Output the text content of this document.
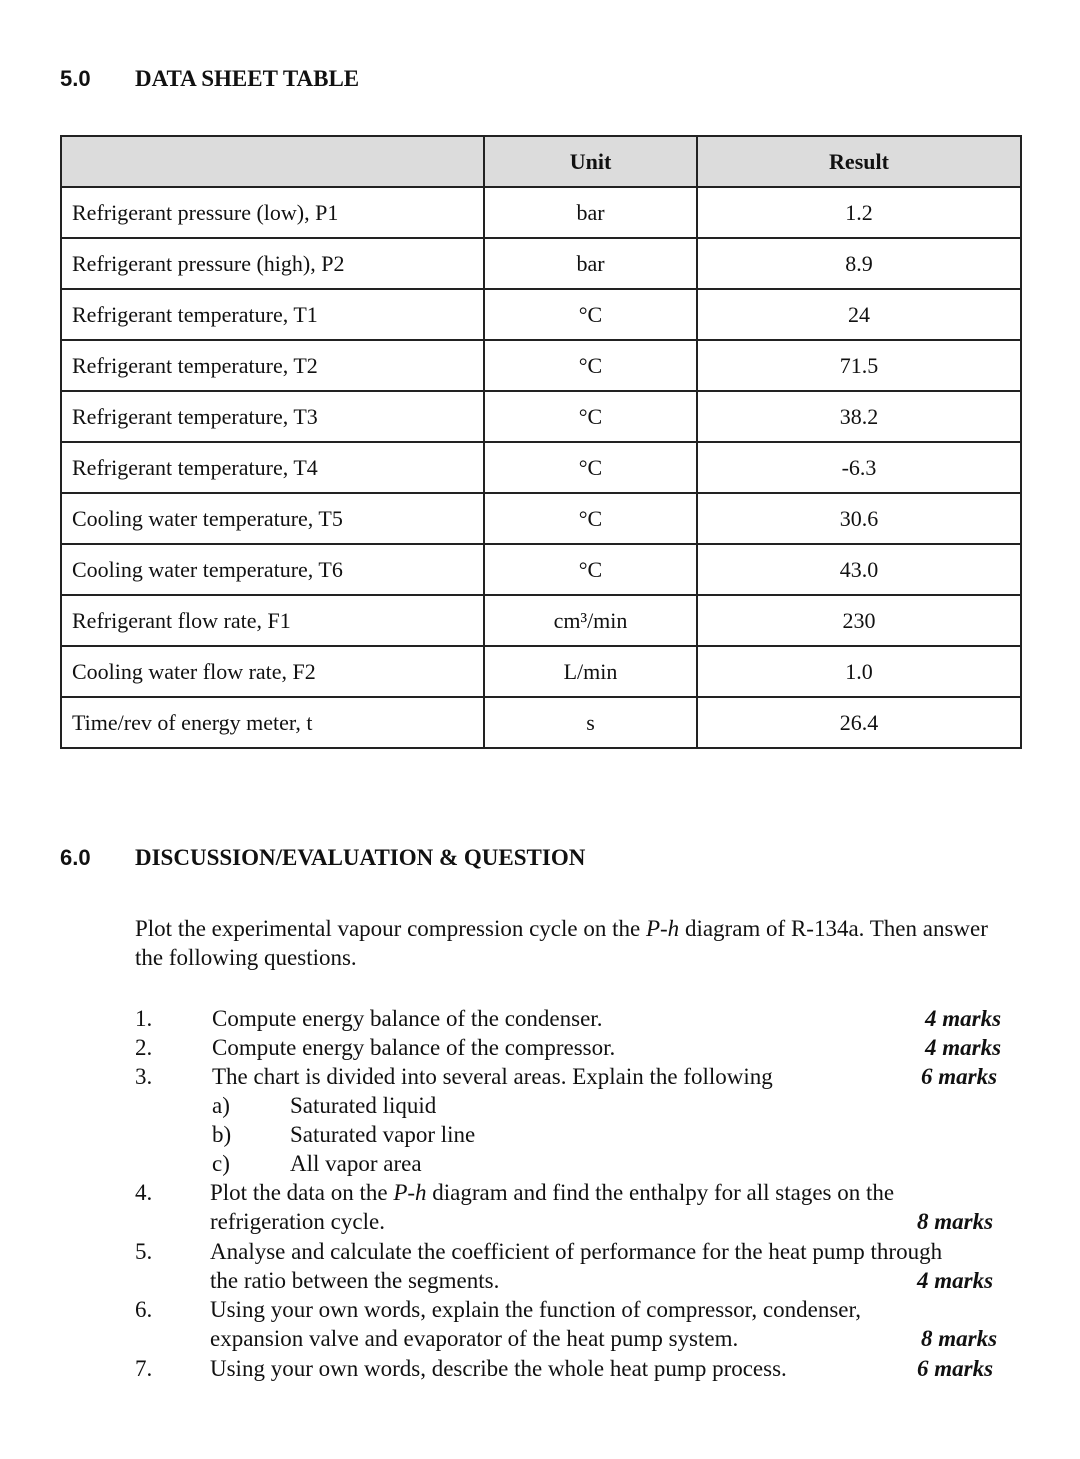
5.0 DATA SHEET TABLE
	Unit	Result
Refrigerant pressure (low), P1	bar	1.2
Refrigerant pressure (high), P2	bar	8.9
Refrigerant temperature, T1	°C	24
Refrigerant temperature, T2	°C	71.5
Refrigerant temperature, T3	°C	38.2
Refrigerant temperature, T4	°C	-6.3
Cooling water temperature, T5	°C	30.6
Cooling water temperature, T6	°C	43.0
Refrigerant flow rate, F1	cm³/min	230
Cooling water flow rate, F2	L/min	1.0
Time/rev of energy meter, t	s	26.4
6.0 DISCUSSION/EVALUATION & QUESTION
Plot the experimental vapour compression cycle on the P-h diagram of R-134a. Then answer the following questions.
1.	Compute energy balance of the condenser.	4 marks
2.	Compute energy balance of the compressor.	4 marks
3.	The chart is divided into several areas. Explain the following	6 marks
a)	Saturated liquid
b)	Saturated vapor line
c)	All vapor area
4.	Plot the data on the P-h diagram and find the enthalpy for all stages on the
refrigeration cycle.	8 marks
5.	Analyse and calculate the coefficient of performance for the heat pump through
the ratio between the segments.	4 marks
6.	Using your own words, explain the function of compressor, condenser,
expansion valve and evaporator of the heat pump system.	8 marks
7.	Using your own words, describe the whole heat pump process.	6 marks
